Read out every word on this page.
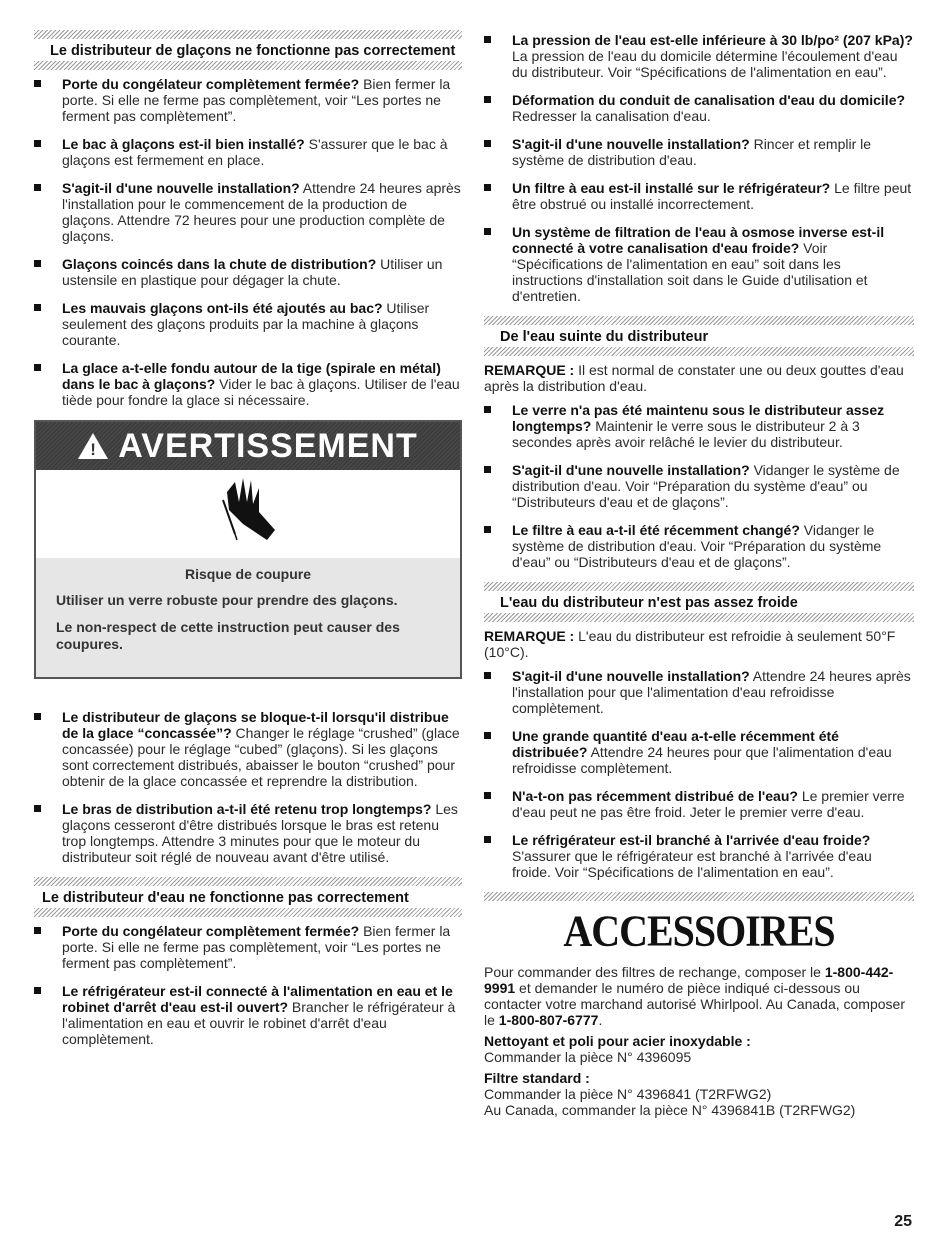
Le distributeur de glaçons ne fonctionne pas correctement
Porte du congélateur complètement fermée? Bien fermer la porte. Si elle ne ferme pas complètement, voir “Les portes ne ferment pas complètement”.
Le bac à glaçons est-il bien installé? S'assurer que le bac à glaçons est fermement en place.
S'agit-il d'une nouvelle installation? Attendre 24 heures après l'installation pour le commencement de la production de glaçons. Attendre 72 heures pour une production complète de glaçons.
Glaçons coincés dans la chute de distribution? Utiliser un ustensile en plastique pour dégager la chute.
Les mauvais glaçons ont-ils été ajoutés au bac? Utiliser seulement des glaçons produits par la machine à glaçons courante.
La glace a-t-elle fondu autour de la tige (spirale en métal) dans le bac à glaçons? Vider le bac à glaçons. Utiliser de l'eau tiède pour fondre la glace si nécessaire.
! AVERTISSEMENT
Risque de coupure

Utiliser un verre robuste pour prendre des glaçons.

Le non-respect de cette instruction peut causer des coupures.

Le distributeur de glaçons se bloque-t-il lorsqu'il distribue de la glace “concassée”? Changer le réglage “crushed” (glace concassée) pour le réglage “cubed” (glaçons). Si les glaçons sont correctement distribués, abaisser le bouton “crushed” pour obtenir de la glace concassée et reprendre la distribution.
Le bras de distribution a-t-il été retenu trop longtemps? Les glaçons cesseront d'être distribués lorsque le bras est retenu trop longtemps. Attendre 3 minutes pour que le moteur du distributeur soit réglé de nouveau avant d'être utilisé.
Le distributeur d'eau ne fonctionne pas correctement
Porte du congélateur complètement fermée? Bien fermer la porte. Si elle ne ferme pas complètement, voir “Les portes ne ferment pas complètement”.
Le réfrigérateur est-il connecté à l'alimentation en eau et le robinet d'arrêt d'eau est-il ouvert? Brancher le réfrigérateur à l'alimentation en eau et ouvrir le robinet d'arrêt d'eau complètement.
La pression de l'eau est-elle inférieure à 30 lb/po² (207 kPa)? La pression de l'eau du domicile détermine l'écoulement d'eau du distributeur. Voir “Spécifications de l'alimentation en eau”.
Déformation du conduit de canalisation d'eau du domicile? Redresser la canalisation d'eau.
S'agit-il d'une nouvelle installation? Rincer et remplir le système de distribution d'eau.
Un filtre à eau est-il installé sur le réfrigérateur? Le filtre peut être obstrué ou installé incorrectement.
Un système de filtration de l'eau à osmose inverse est-il connecté à votre canalisation d'eau froide? Voir “Spécifications de l'alimentation en eau” soit dans les instructions d'installation soit dans le Guide d'utilisation et d'entretien.
De l'eau suinte du distributeur
REMARQUE : Il est normal de constater une ou deux gouttes d'eau après la distribution d'eau.
Le verre n'a pas été maintenu sous le distributeur assez longtemps? Maintenir le verre sous le distributeur 2 à 3 secondes après avoir relâché le levier du distributeur.
S'agit-il d'une nouvelle installation? Vidanger le système de distribution d'eau. Voir “Préparation du système d'eau” ou “Distributeurs d'eau et de glaçons”.
Le filtre à eau a-t-il été récemment changé? Vidanger le système de distribution d'eau. Voir “Préparation du système d'eau” ou “Distributeurs d'eau et de glaçons”.
L'eau du distributeur n'est pas assez froide
REMARQUE : L'eau du distributeur est refroidie à seulement 50°F (10°C).
S'agit-il d'une nouvelle installation? Attendre 24 heures après l'installation pour que l'alimentation d'eau refroidisse complètement.
Une grande quantité d'eau a-t-elle récemment été distribuée? Attendre 24 heures pour que l'alimentation d'eau refroidisse complètement.
N'a-t-on pas récemment distribué de l'eau? Le premier verre d'eau peut ne pas être froid. Jeter le premier verre d'eau.
Le réfrigérateur est-il branché à l'arrivée d'eau froide? S'assurer que le réfrigérateur est branché à l'arrivée d'eau froide. Voir “Spécifications de l'alimentation en eau”.
ACCESSOIRES

Pour commander des filtres de rechange, composer le 1-800-442-9991 et demander le numéro de pièce indiqué ci-dessous ou contacter votre marchand autorisé Whirlpool. Au Canada, composer le 1-800-807-6777.

Nettoyant et poli pour acier inoxydable :

Commander la pièce N° 4396095

Filtre standard :

Commander la pièce N° 4396841 (T2RFWG2)

Au Canada, commander la pièce N° 4396841B (T2RFWG2)

25
